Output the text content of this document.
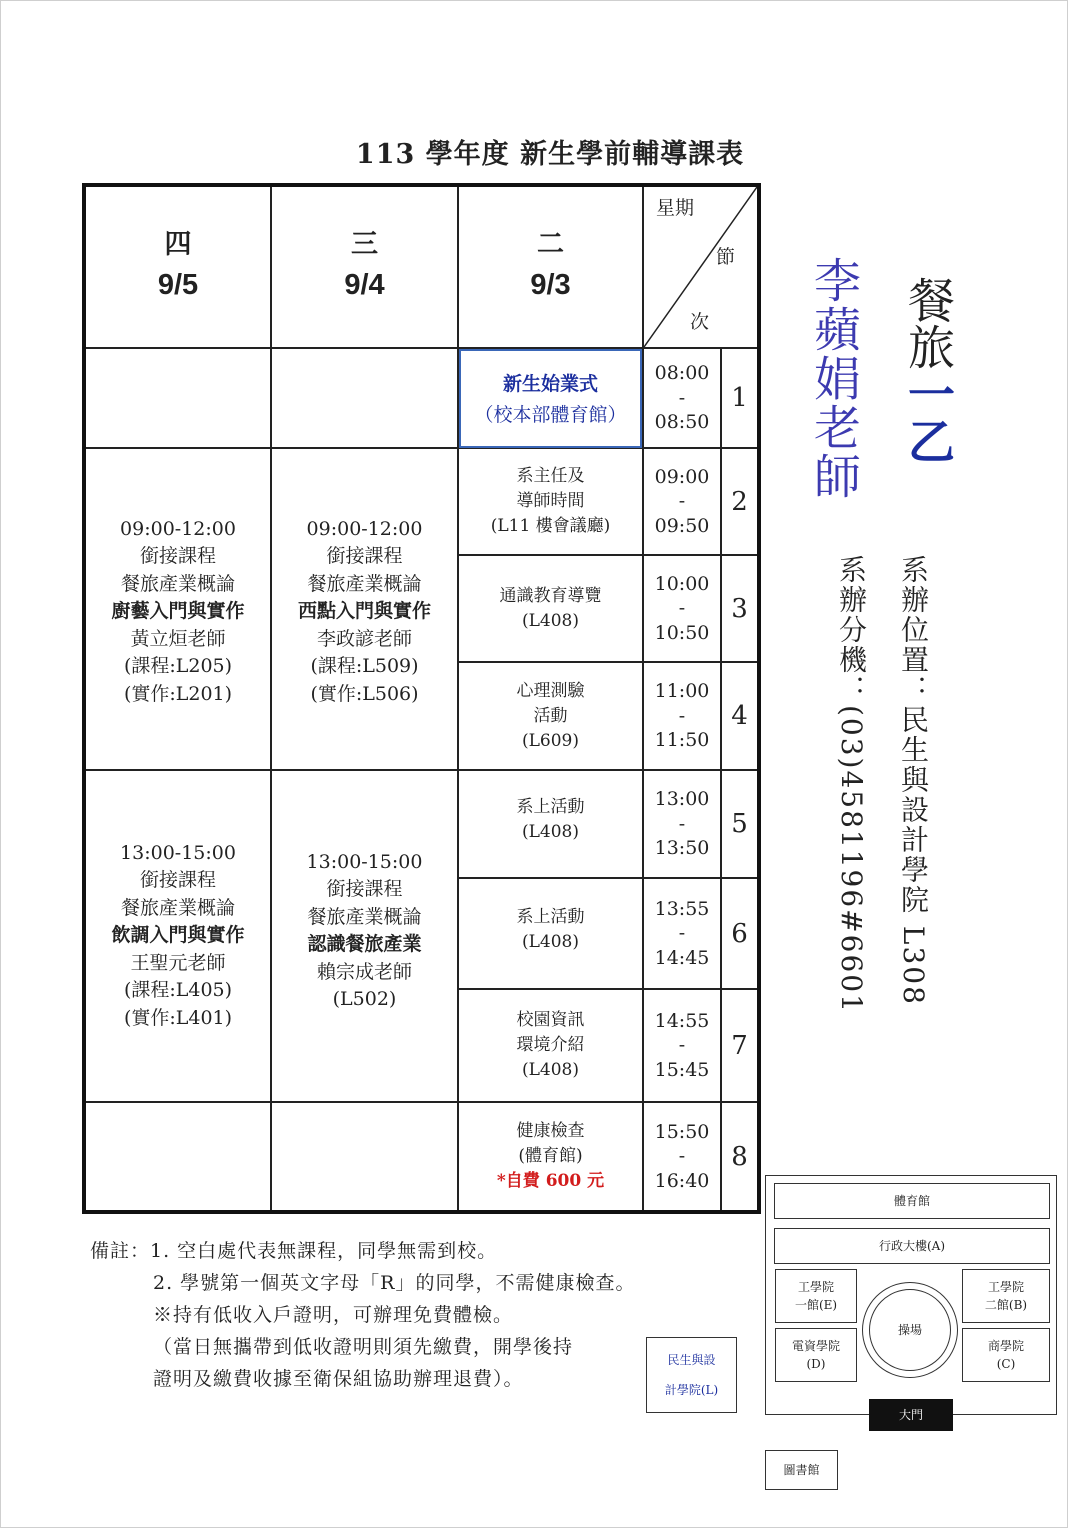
113 學年度 新生學前輔導課表
星期
節
次
四
9/5
三
9/4
二
9/3
09:00-12:00
銜接課程
餐旅產業概論
廚藝入門與實作
黃立烜老師
(課程:L205)
(實作:L201)
13:00-15:00
銜接課程
餐旅產業概論
飲調入門與實作
王聖元老師
(課程:L405)
(實作:L401)
09:00-12:00
銜接課程
餐旅產業概論
西點入門與實作
李政諺老師
(課程:L509)
(實作:L506)
13:00-15:00
銜接課程
餐旅產業概論
認識餐旅產業
賴宗成老師
(L502)
新生始業式
（校本部體育館）
系主任及
導師時間
(L11 樓會議廳)
通識教育導覽
(L408)
心理測驗
活動
(L609)
系上活動
(L408)
系上活動
(L408)
校園資訊
環境介紹
(L408)
健康檢查
(體育館)
*自費 600 元
08:00
-
08:50
1
09:00
-
09:50
2
10:00
-
10:50
3
11:00
-
11:50
4
13:00
-
13:50
5
13:55
-
14:45
6
14:55
-
15:45
7
15:50
-
16:40
8
餐旅一乙
李蘋娟老師
系辦位置：民生與設計學院 L308
系辦分機：(03)4581196#6601
備註：1. 空白處代表無課程，同學無需到校。
2. 學號第一個英文字母「R」的同學，不需健康檢查。
※持有低收入戶證明，可辦理免費體檢。
（當日無攜帶到低收證明則須先繳費，開學後持
證明及繳費收據至衛保組協助辦理退費）。
民生與設
計學院(L)
體育館
行政大樓(A)
工學院
一館(E)
工學院
二館(B)
電資學院
(D)
商學院
(C)
操場
大門
圖書館
